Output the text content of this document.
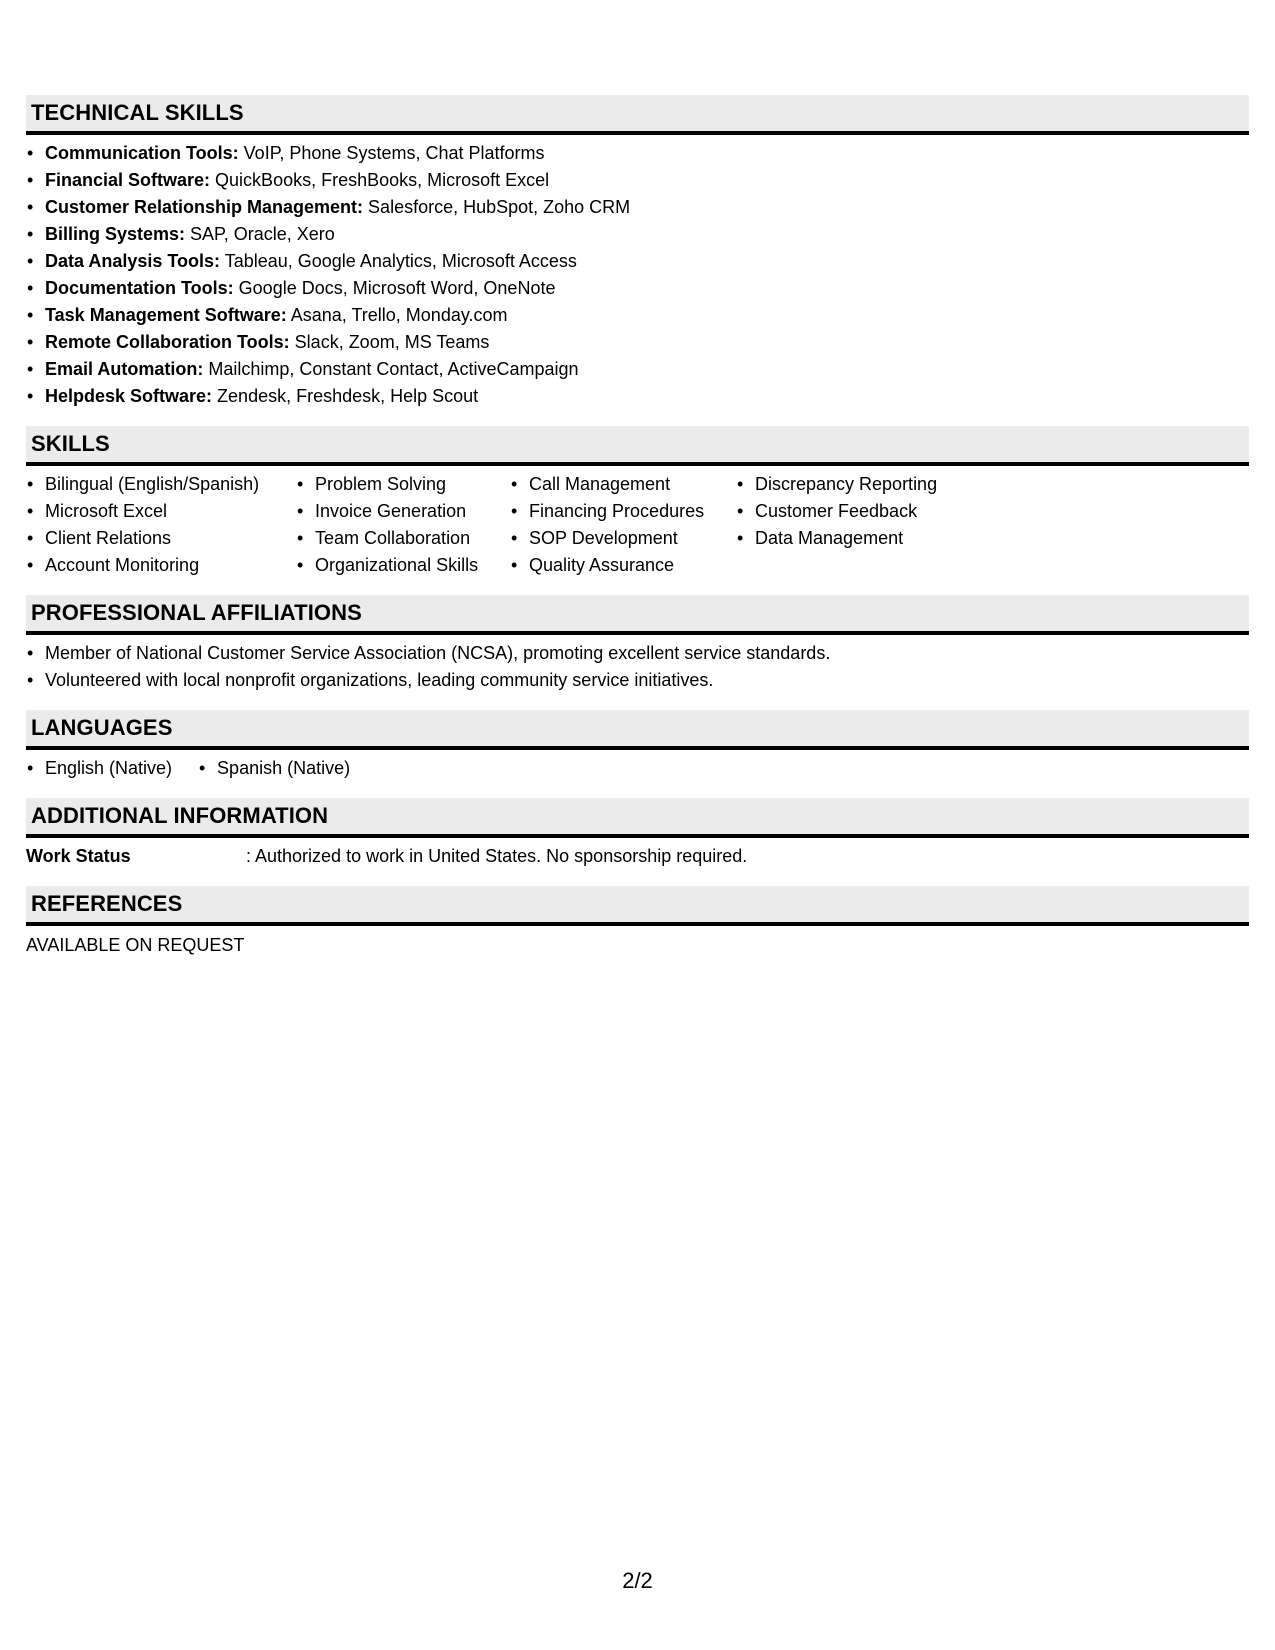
TECHNICAL SKILLS
• Communication Tools: VoIP, Phone Systems, Chat Platforms
• Financial Software: QuickBooks, FreshBooks, Microsoft Excel
• Customer Relationship Management: Salesforce, HubSpot, Zoho CRM
• Billing Systems: SAP, Oracle, Xero
• Data Analysis Tools: Tableau, Google Analytics, Microsoft Access
• Documentation Tools: Google Docs, Microsoft Word, OneNote
• Task Management Software: Asana, Trello, Monday.com
• Remote Collaboration Tools: Slack, Zoom, MS Teams
• Email Automation: Mailchimp, Constant Contact, ActiveCampaign
• Helpdesk Software: Zendesk, Freshdesk, Help Scout
SKILLS
• Bilingual (English/Spanish)
• Microsoft Excel
• Client Relations
• Account Monitoring
• Problem Solving
• Invoice Generation
• Team Collaboration
• Organizational Skills
• Call Management
• Financing Procedures
• SOP Development
• Quality Assurance
• Discrepancy Reporting
• Customer Feedback
• Data Management
PROFESSIONAL AFFILIATIONS
• Member of National Customer Service Association (NCSA), promoting excellent service standards.
• Volunteered with local nonprofit organizations, leading community service initiatives.
LANGUAGES
• English (Native)
•	Spanish (Native)
ADDITIONAL INFORMATION
Work Status	: Authorized to work in United States. No sponsorship required.
REFERENCES
AVAILABLE ON REQUEST
2/2
